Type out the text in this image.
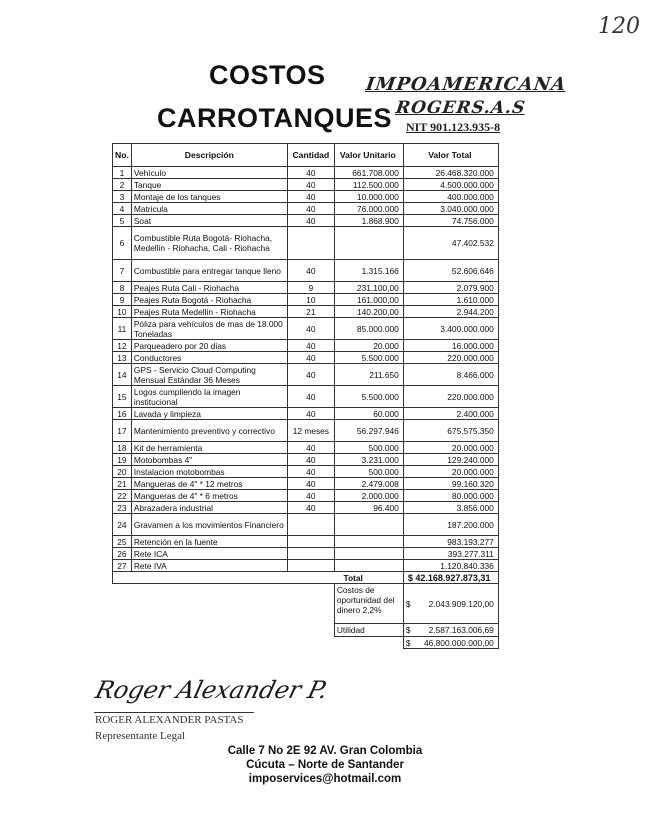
120
COSTOS
CARROTANQUES
IMPOAMERICANA
ROGERS.A.S
NIT 901.123.935-8
No.	Descripción	Cantidad	Valor Unitario	Valor Total
1	Vehículo	40	661.708.000	26.468.320.000
2	Tanque	40	112.500.000	4.500.000.000
3	Montaje de los tanques	40	10.000.000	400.000.000
4	Matricula	40	76.000.000	3.040.000.000
5	Soat	40	1.868.900	74.756.000
6	Combustible Ruta Bogotá- Riohacha, Medellin - Riohacha, Cali - Riohacha			47.402.532
7	Combustible para entregar tanque lleno	40	1.315.166	52.606.646
8	Peajes Ruta Cali - Riohacha	9	231.100,00	2.079.900
9	Peajes Ruta Bogotá - Riohacha	10	161.000,00	1.610.000
10	Peajes Ruta Medellin - Riohacha	21	140.200,00	2.944.200
11	Póliza para vehículos de mas de 18.000 Toneladas	40	85.000.000	3.400.000.000
12	Parqueadero por 20 dias	40	20.000	16.000.000
13	Conductores	40	5.500.000	220.000.000
14	GPS - Servicio Cloud Computing Mensual Estándar 36 Meses	40	211.650	8.466.000
15	Logos cumpliendo la imagen institucional	40	5.500.000	220.000.000
16	Lavada y limpieza	40	60.000	2.400.000
17	Mantenimiento preventivo y correctivo	12 meses	56.297.946	675.575.350
18	Kit de herramienta	40	500.000	20.000.000
19	Motobombas 4"	40	3.231.000	129.240.000
20	Instalacion motobombas	40	500.000	20.000.000
21	Mangueras de 4" * 12 metros	40	2.479.008	99.160.320
22	Mangueras de 4" * 6 metros	40	2.000.000	80.000.000
23	Abrazadera industrial	40	96.400	3.856.000
24	Gravamen a los movimientos Financiero			187.200.000
25	Retención en la fuente			983.193.277
26	Rete ICA			393.277.311
27	Rete IVA			1.120.840.336
Total				$ 42.168.927.873,31
			Costos de oportunidad del dinero 2,2%	$ 2.043.909.120,00

			Utilidad	$ 2.587.163.006,69

				$ 46.800.000.000,00
Roger Alexander P.
ROGER ALEXANDER PASTAS
Representante Legal
Calle 7 No 2E 92 AV. Gran Colombia
Cúcuta – Norte de Santander
imposervices@hotmail.com
